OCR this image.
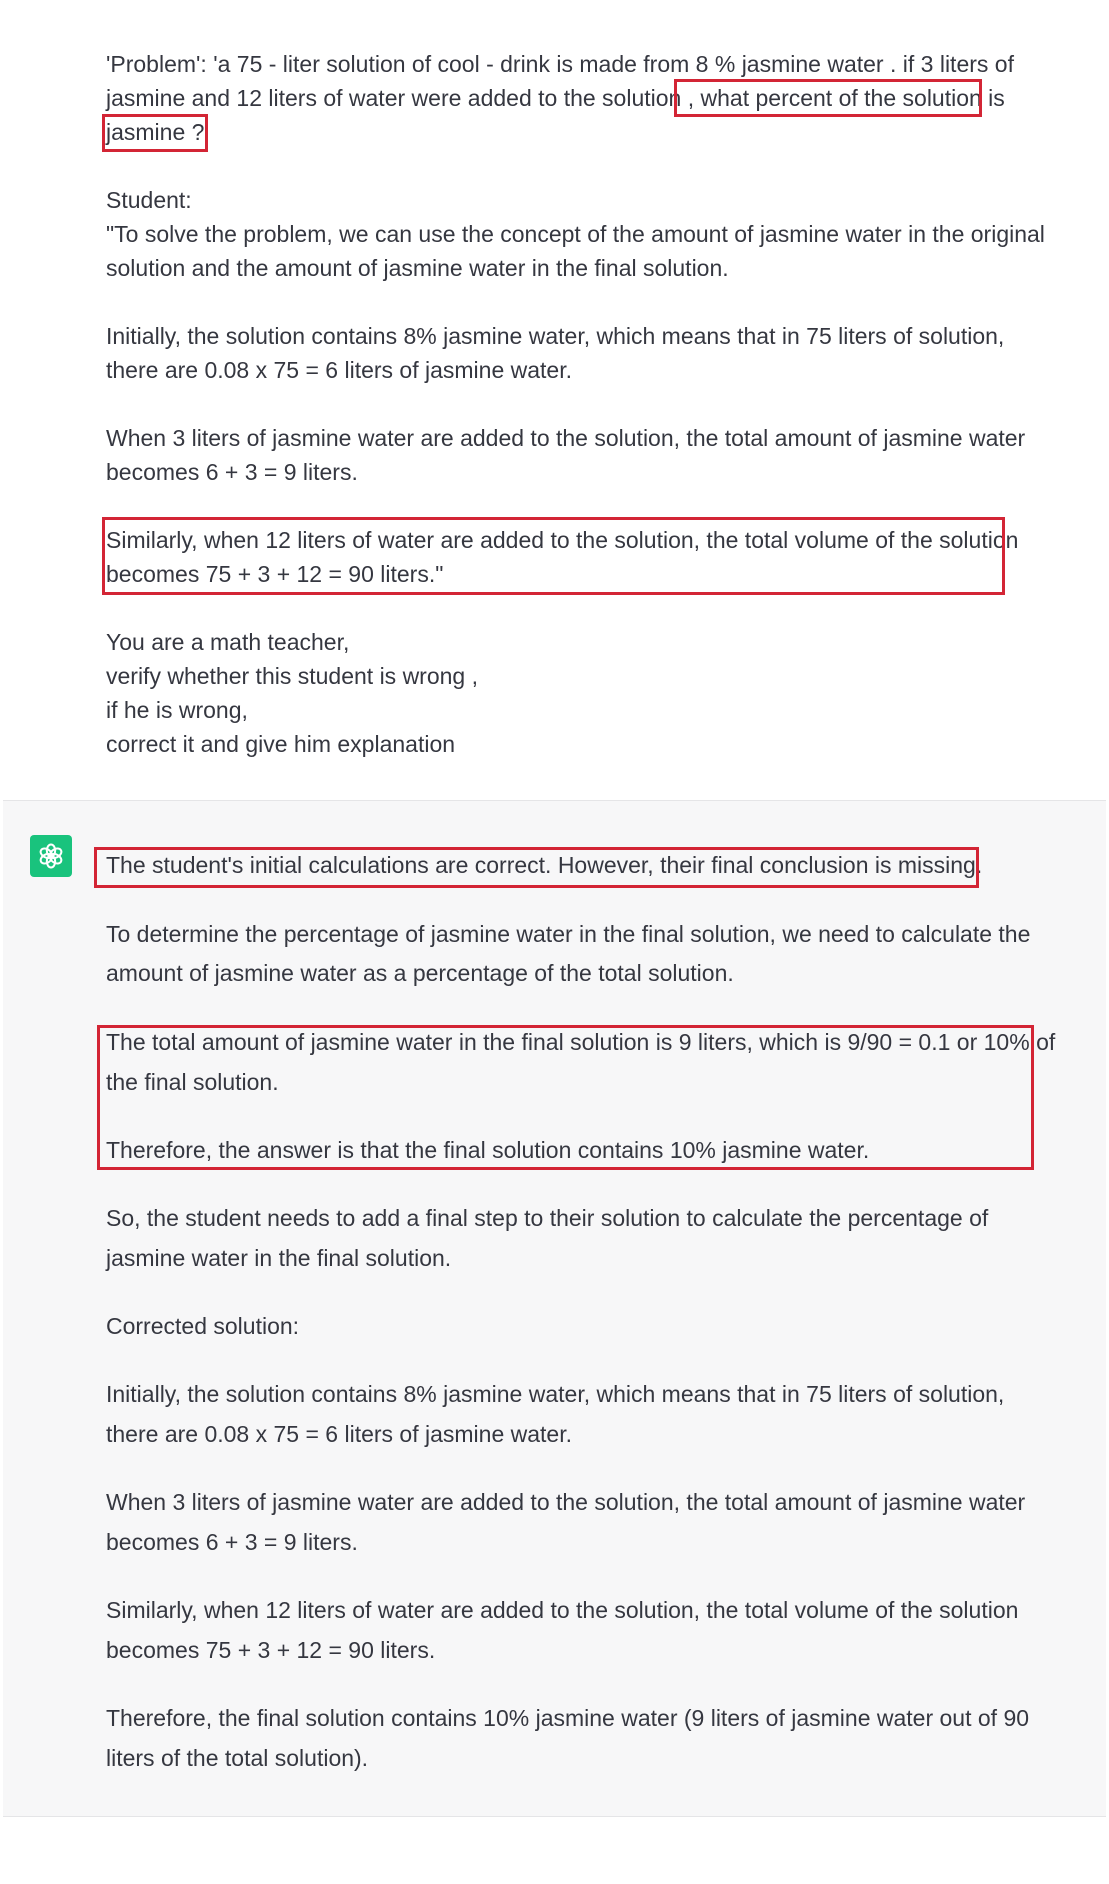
'Problem': 'a 75 - liter solution of cool - drink is made from 8 % jasmine water . if 3 liters of
jasmine and 12 liters of water were added to the solution , what percent of the solution is
jasmine ?'
Student:
"To solve the problem, we can use the concept of the amount of jasmine water in the original
solution and the amount of jasmine water in the final solution.
Initially, the solution contains 8% jasmine water, which means that in 75 liters of solution,
there are 0.08 x 75 = 6 liters of jasmine water.
When 3 liters of jasmine water are added to the solution, the total amount of jasmine water
becomes 6 + 3 = 9 liters.
Similarly, when 12 liters of water are added to the solution, the total volume of the solution
becomes 75 + 3 + 12 = 90 liters."
You are a math teacher,
verify whether this student is wrong ,
if he is wrong,
correct it and give him explanation
The student's initial calculations are correct. However, their final conclusion is missing.
To determine the percentage of jasmine water in the final solution, we need to calculate the
amount of jasmine water as a percentage of the total solution.
The total amount of jasmine water in the final solution is 9 liters, which is 9/90 = 0.1 or 10% of
the final solution.
Therefore, the answer is that the final solution contains 10% jasmine water.
So, the student needs to add a final step to their solution to calculate the percentage of
jasmine water in the final solution.
Corrected solution:
Initially, the solution contains 8% jasmine water, which means that in 75 liters of solution,
there are 0.08 x 75 = 6 liters of jasmine water.
When 3 liters of jasmine water are added to the solution, the total amount of jasmine water
becomes 6 + 3 = 9 liters.
Similarly, when 12 liters of water are added to the solution, the total volume of the solution
becomes 75 + 3 + 12 = 90 liters.
Therefore, the final solution contains 10% jasmine water (9 liters of jasmine water out of 90
liters of the total solution).
